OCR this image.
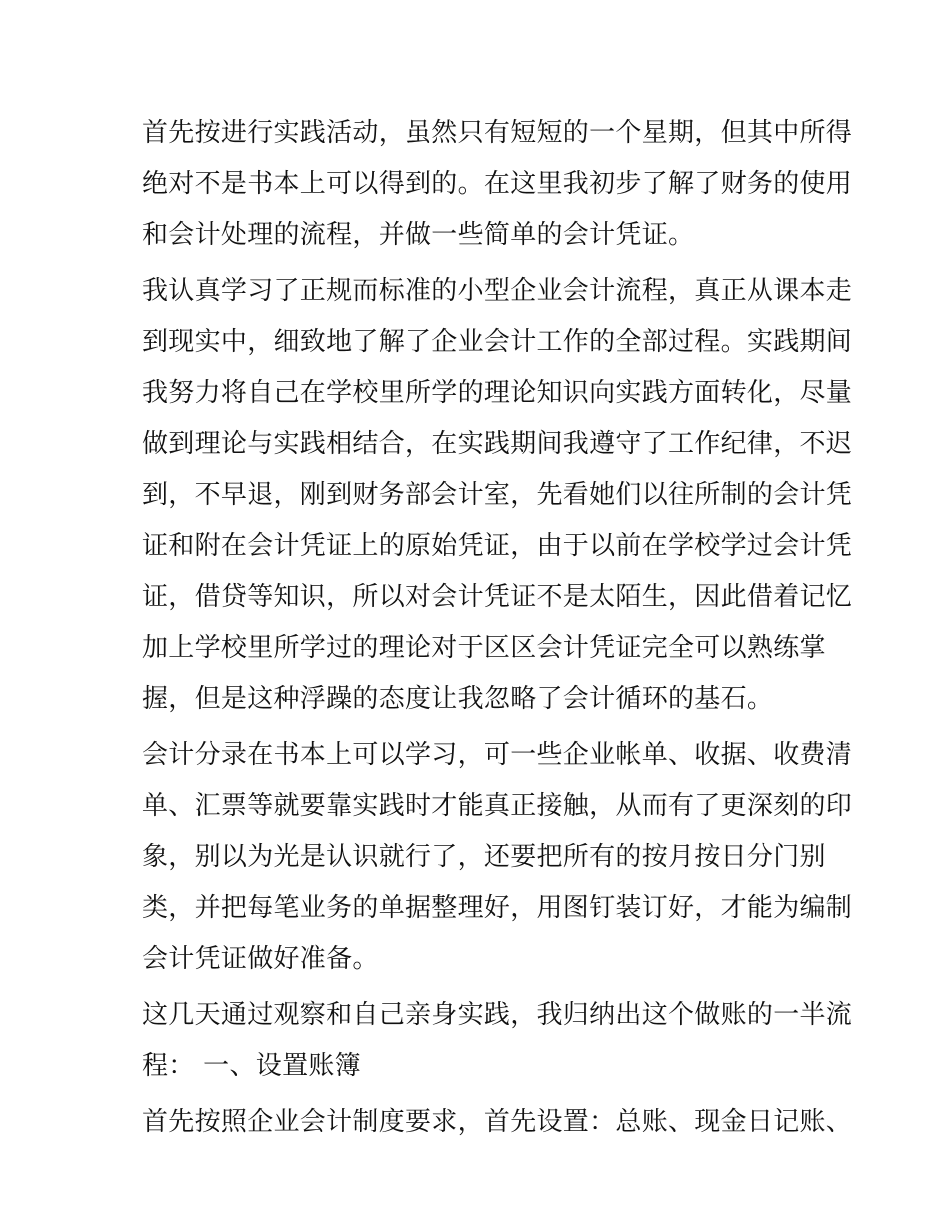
首先按进行实践活动，虽然只有短短的一个星期，但其中所得
绝对不是书本上可以得到的。在这里我初步了解了财务的使用
和会计处理的流程，并做一些简单的会计凭证。
我认真学习了正规而标准的小型企业会计流程，真正从课本走
到现实中，细致地了解了企业会计工作的全部过程。实践期间
我努力将自己在学校里所学的理论知识向实践方面转化，尽量
做到理论与实践相结合，在实践期间我遵守了工作纪律，不迟
到，不早退，刚到财务部会计室，先看她们以往所制的会计凭
证和附在会计凭证上的原始凭证，由于以前在学校学过会计凭
证，借贷等知识，所以对会计凭证不是太陌生，因此借着记忆
加上学校里所学过的理论对于区区会计凭证完全可以熟练掌
握，但是这种浮躁的态度让我忽略了会计循环的基石。
会计分录在书本上可以学习，可一些企业帐单、收据、收费清
单、汇票等就要靠实践时才能真正接触，从而有了更深刻的印
象，别以为光是认识就行了，还要把所有的按月按日分门别
类，并把每笔业务的单据整理好，用图钉装订好，才能为编制
会计凭证做好准备。
这几天通过观察和自己亲身实践，我归纳出这个做账的一半流
程： 一、设置账簿
首先按照企业会计制度要求，首先设置：总账、现金日记账、
